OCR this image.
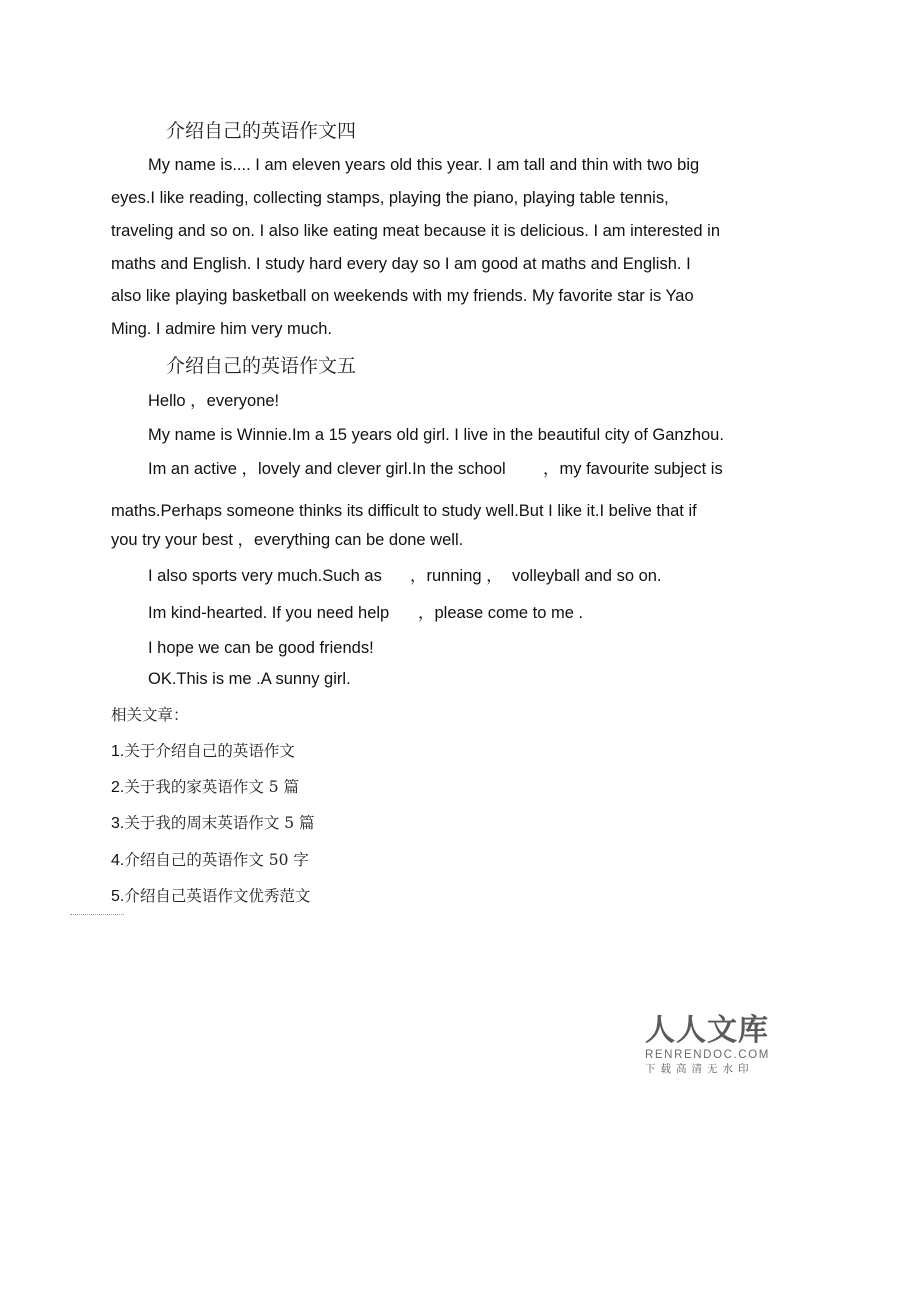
介绍自己的英语作文四
My name is.... I am eleven years old this year. I am tall and thin with two big
eyes.I like reading, collecting stamps, playing the piano, playing table tennis,
traveling and so on. I also like eating meat because it is delicious. I am interested in
maths and English. I study hard every day so I am good at maths and English. I
also like playing basketball on weekends with my friends. My favorite star is Yao
Ming. I admire him very much.
介绍自己的英语作文五
Hello ，everyone!
My name is Winnie.Im a 15 years old girl. I live in the beautiful city of Ganzhou.
Im an active ，lovely and clever girl.In the school ，my favourite subject is
maths.Perhaps someone thinks its difficult to study well.But I like it.I belive that if
you try your best ，everything can be done well.
I also sports very much.Such as ，running ， volleyball and so on.
Im kind-hearted. If you need help ，please come to me .
I hope we can be good friends!
OK.This is me .A sunny girl.
相关文章：
1.关于介绍自己的英语作文
2.关于我的家英语作文 5 篇
3.关于我的周末英语作文 5 篇
4.介绍自己的英语作文 50 字
5.介绍自己英语作文优秀范文
人人文库
RENRENDOC.COM
下载高清无水印
